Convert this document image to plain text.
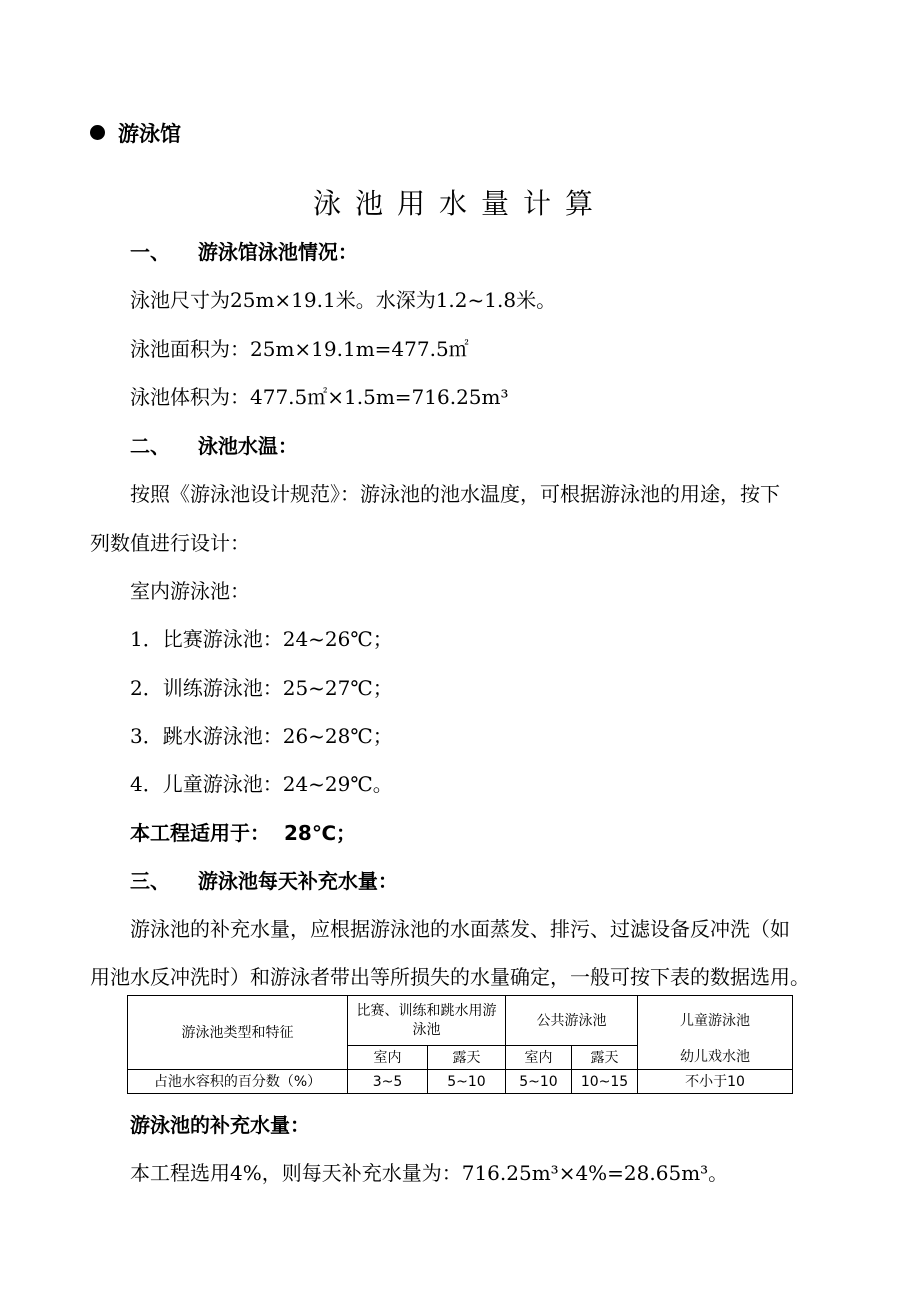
游泳馆
泳池用水量计算
一、    游泳馆泳池情况：
泳池尺寸为25m×19.1米。水深为1.2~1.8米。
泳池面积为：25m×19.1m=477.5㎡
泳池体积为：477.5㎡×1.5m=716.25m³
二、    泳池水温：
按照《游泳池设计规范》：游泳池的池水温度，可根据游泳池的用途，按下
列数值进行设计：
室内游泳池：
1．比赛游泳池：24~26℃；
2．训练游泳池：25~27℃；
3．跳水游泳池：26~28℃；
4．儿童游泳池：24~29℃。
本工程适用于： 28℃；
三、    游泳池每天补充水量：
游泳池的补充水量，应根据游泳池的水面蒸发、排污、过滤设备反冲洗（如
用池水反冲洗时）和游泳者带出等所损失的水量确定，一般可按下表的数据选用。
游泳池类型和特征	比赛、训练和跳水用游泳池		公共游泳池		儿童游泳池
	室内	露天	室内	露天	幼儿戏水池
占池水容积的百分数（%）	3~5	5~10	5~10	10~15	不小于10
游泳池的补充水量：
本工程选用4%，则每天补充水量为：716.25m³×4%=28.65m³。
